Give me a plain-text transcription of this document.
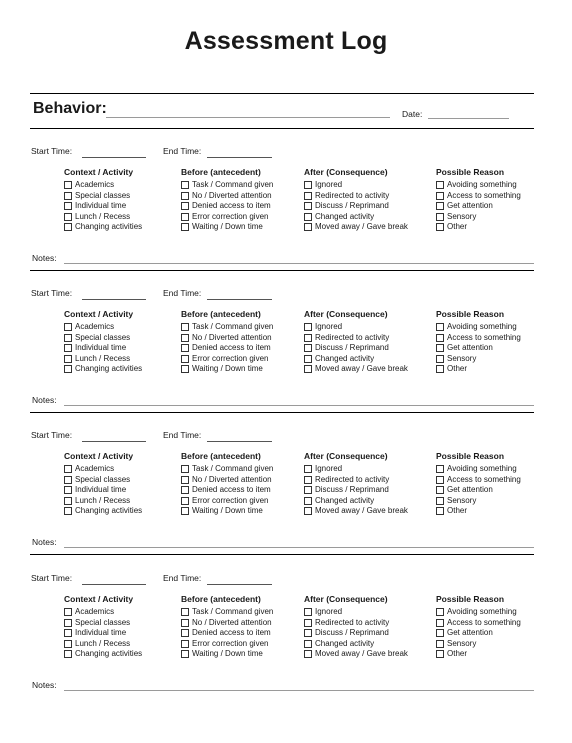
Assessment Log
Behavior:	Date:
Start Time:	End Time:
Context / Activity
Academics
Special classes
Individual time
Lunch / Recess
Changing activities
Before (antecedent)
Task / Command given
No / Diverted attention
Denied access to item
Error correction given
Waiting / Down time
After (Consequence)
Ignored
Redirected to activity
Discuss / Reprimand
Changed activity
Moved away / Gave break
Possible Reason
Avoiding something
Access to something
Get attention
Sensory
Other
Notes:
Start Time:	End Time:
Context / Activity
Academics
Special classes
Individual time
Lunch / Recess
Changing activities
Before (antecedent)
Task / Command given
No / Diverted attention
Denied access to item
Error correction given
Waiting / Down time
After (Consequence)
Ignored
Redirected to activity
Discuss / Reprimand
Changed activity
Moved away / Gave break
Possible Reason
Avoiding something
Access to something
Get attention
Sensory
Other
Notes:
Start Time:	End Time:
Context / Activity
Academics
Special classes
Individual time
Lunch / Recess
Changing activities
Before (antecedent)
Task / Command given
No / Diverted attention
Denied access to item
Error correction given
Waiting / Down time
After (Consequence)
Ignored
Redirected to activity
Discuss / Reprimand
Changed activity
Moved away / Gave break
Possible Reason
Avoiding something
Access to something
Get attention
Sensory
Other
Notes:
Start Time:	End Time:
Context / Activity
Academics
Special classes
Individual time
Lunch / Recess
Changing activities
Before (antecedent)
Task / Command given
No / Diverted attention
Denied access to item
Error correction given
Waiting / Down time
After (Consequence)
Ignored
Redirected to activity
Discuss / Reprimand
Changed activity
Moved away / Gave break
Possible Reason
Avoiding something
Access to something
Get attention
Sensory
Other
Notes:
